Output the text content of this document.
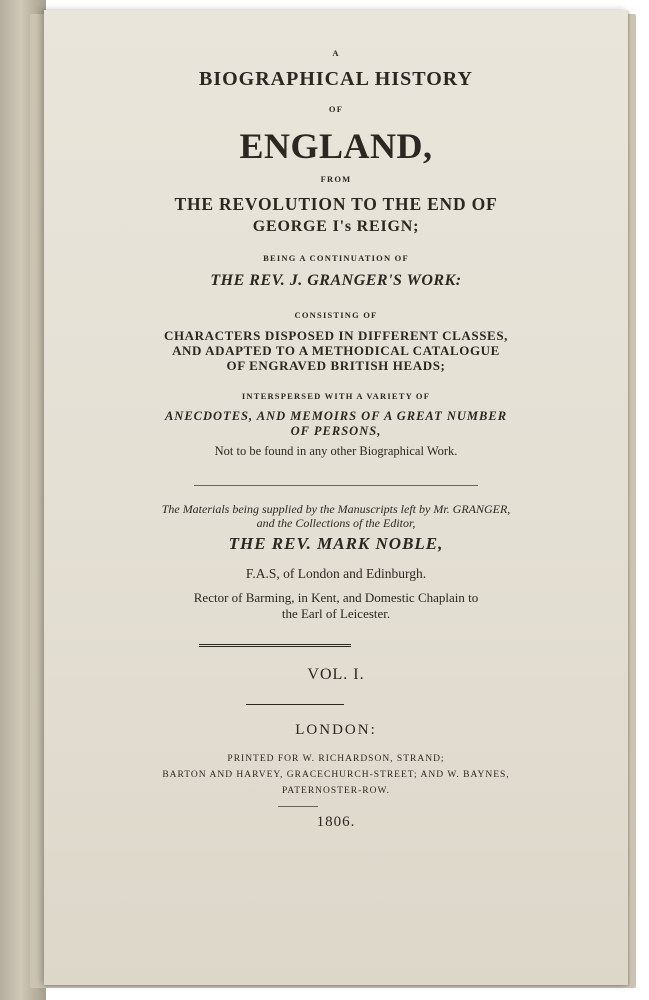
A
BIOGRAPHICAL HISTORY
OF
ENGLAND,
FROM
THE REVOLUTION TO THE END OF
GEORGE I's REIGN;
BEING A CONTINUATION OF
THE REV. J. GRANGER'S WORK:
CONSISTING OF
CHARACTERS DISPOSED IN DIFFERENT CLASSES,
AND ADAPTED TO A METHODICAL CATALOGUE
OF ENGRAVED BRITISH HEADS;
INTERSPERSED WITH A VARIETY OF
ANECDOTES, AND MEMOIRS OF A GREAT NUMBER
OF PERSONS,
Not to be found in any other Biographical Work.
The Materials being supplied by the Manuscripts left by Mr. GRANGER,
and the Collections of the Editor,
THE REV. MARK NOBLE,
F.A.S, of London and Edinburgh.
Rector of Barming, in Kent, and Domestic Chaplain to
the Earl of Leicester.
VOL. I.
LONDON:
PRINTED FOR W. RICHARDSON, STRAND;
BARTON AND HARVEY, GRACECHURCH-STREET; AND W. BAYNES,
PATERNOSTER-ROW.
1806.
